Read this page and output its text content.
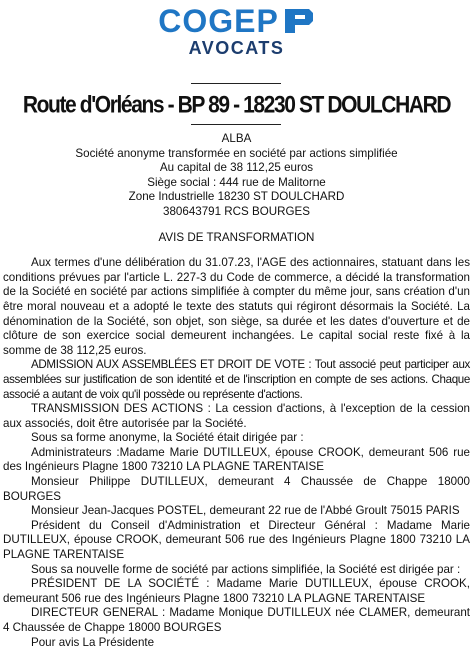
COGEP
AVOCATS
Route d'Orléans - BP 89 - 18230 ST DOULCHARD

ALBA

Société anonyme transformée en société par actions simplifiée

Au capital de 38 112,25 euros

Siège social : 444 rue de Malitorne

Zone Industrielle 18230 ST DOULCHARD

380643791 RCS BOURGES

AVIS DE TRANSFORMATION

Aux termes d'une délibération du 31.07.23, l'AGE des actionnaires, statuant dans les conditions prévues par l'article L. 227-3 du Code de commerce, a décidé la transformation de la Société en société par actions simplifiée à compter du même jour, sans création d'un être moral nouveau et a adopté le texte des statuts qui régiront désormais la Société. La dénomination de la Société, son objet, son siège, sa durée et les dates d'ouverture et de clôture de son exercice social demeurent inchangées. Le capital social reste fixé à la somme de 38 112,25 euros.

ADMISSION AUX ASSEMBLÉES ET DROIT DE VOTE : Tout associé peut participer aux assemblées sur justification de son identité et de l'inscription en compte de ses actions. Chaque associé a autant de voix qu'il possède ou représente d'actions.

TRANSMISSION DES ACTIONS : La cession d'actions, à l'exception de la cession aux associés, doit être autorisée par la Société.

Sous sa forme anonyme, la Société était dirigée par :

Administrateurs :Madame Marie DUTILLEUX, épouse CROOK, demeurant 506 rue des Ingénieurs Plagne 1800 73210 LA PLAGNE TARENTAISE

Monsieur Philippe DUTILLEUX, demeurant 4 Chaussée de Chappe 18000 BOURGES

Monsieur Jean-Jacques POSTEL, demeurant 22 rue de l'Abbé Groult 75015 PARIS

Président du Conseil d'Administration et Directeur Général : Madame Marie DUTILLEUX, épouse CROOK, demeurant 506 rue des Ingénieurs Plagne 1800 73210 LA PLAGNE TARENTAISE

Sous sa nouvelle forme de société par actions simplifiée, la Société est dirigée par :

PRÉSIDENT DE LA SOCIÉTÉ : Madame Marie DUTILLEUX, épouse CROOK, demeurant 506 rue des Ingénieurs Plagne 1800 73210 LA PLAGNE TARENTAISE

DIRECTEUR GENERAL : Madame Monique DUTILLEUX née CLAMER, demeurant 4 Chaussée de Chappe 18000 BOURGES

Pour avis La Présidente
